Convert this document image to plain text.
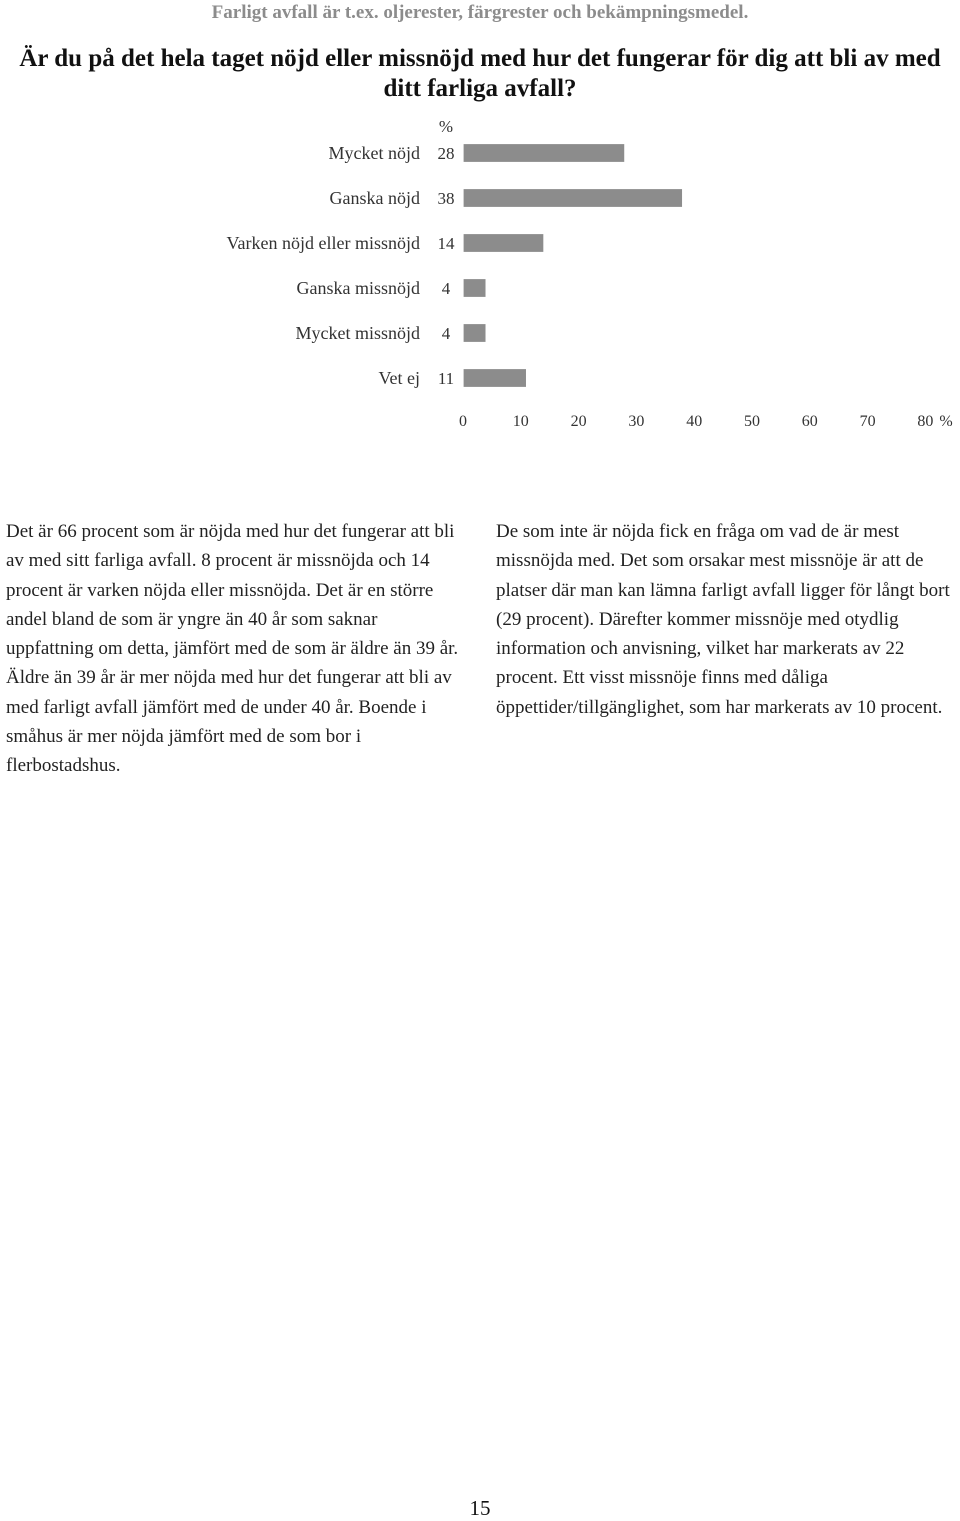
Farligt avfall är t.ex. oljerester, färgrester och bekämpningsmedel.

Är du på det hela taget nöjd eller missnöjd med hur det fungerar för dig att bli av med ditt farliga avfall?
%
Mycket nöjd 28
Ganska nöjd 38
Varken nöjd eller missnöjd 14
Ganska missnöjd 4
Mycket missnöjd 4
Vet ej 11
0	10	20	30	40	50	60	70	80 %

Det är 66 procent som är nöjda med hur det fungerar att bli av med sitt farliga avfall. 8 procent är missnöjda och 14 procent är varken nöjda eller missnöjda. Det är en större andel bland de som är yngre än 40 år som saknar uppfattning om detta, jämfört med de som är äldre än 39 år. Äldre än 39 år är mer nöjda med hur det fungerar att bli av med farligt avfall jämfört med de under 40 år. Boende i småhus är mer nöjda jämfört med de som bor i flerbostadshus.

De som inte är nöjda fick en fråga om vad de är mest missnöjda med. Det som orsakar mest missnöje är att de platser där man kan lämna farligt avfall ligger för långt bort (29 procent). Därefter kommer missnöje med otydlig information och anvisning, vilket har markerats av 22 procent. Ett visst missnöje finns med dåliga öppettider/tillgänglighet, som har markerats av 10 procent.

15
